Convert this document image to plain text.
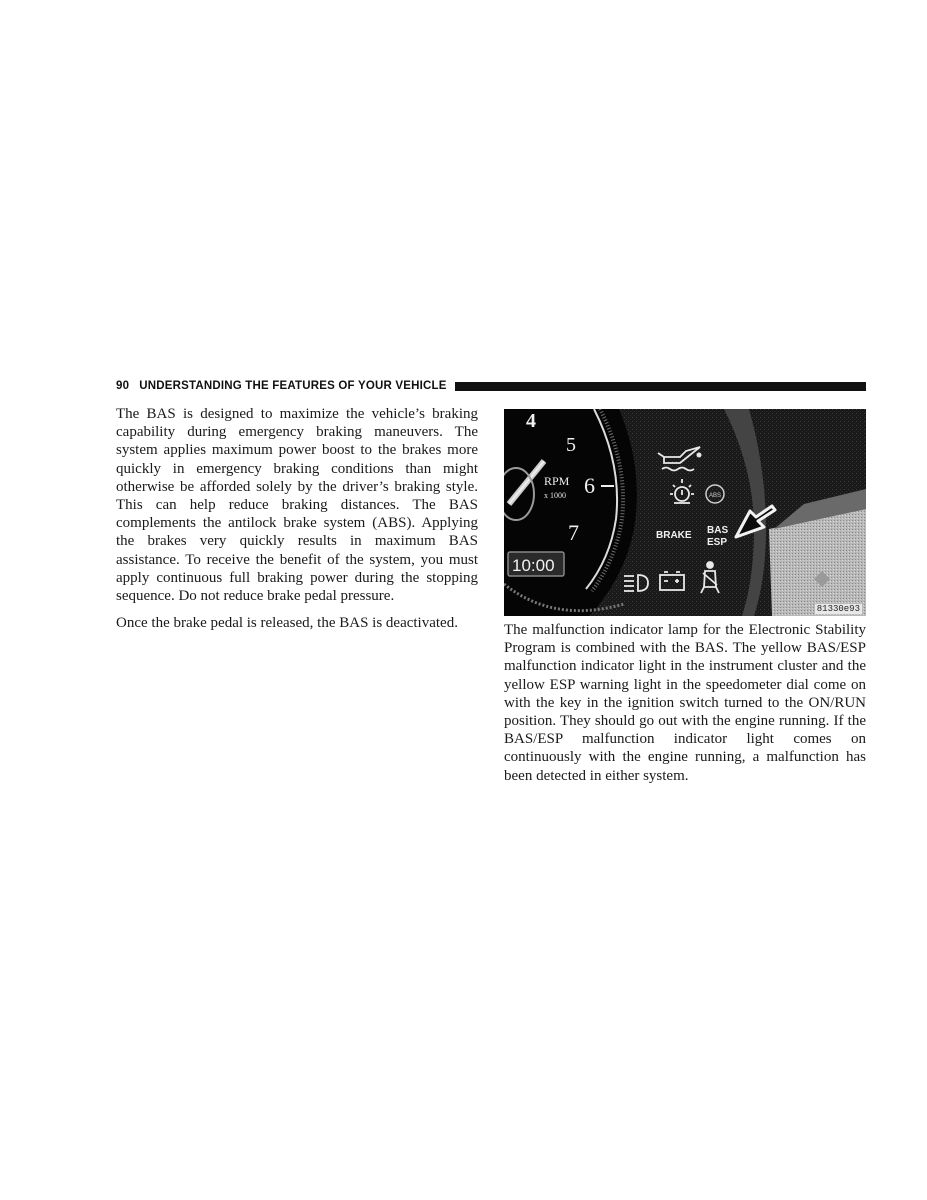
90 UNDERSTANDING THE FEATURES OF YOUR VEHICLE

The BAS is designed to maximize the vehicle’s braking capability during emergency braking maneuvers. The system applies maximum power boost to the brakes more quickly in emergency braking conditions than might otherwise be afforded solely by the driver’s braking style. This can help reduce braking distances. The BAS complements the antilock brake system (ABS). Applying the brakes very quickly results in maximum BAS assistance. To receive the benefit of the system, you must apply continuous full braking power during the stopping sequence. Do not reduce brake pedal pressure.

Once the brake pedal is released, the BAS is deactivated.

4
5
6
7
RPM
x 1000
10:00
ABS
BRAKE BAS
ESP
81330e93

The malfunction indicator lamp for the Electronic Stability Program is combined with the BAS. The yellow BAS/ESP malfunction indicator light in the instrument cluster and the yellow ESP warning light in the speedometer dial come on with the key in the ignition switch turned to the ON/RUN position. They should go out with the engine running. If the BAS/ESP malfunction indicator light comes on continuously with the engine running, a malfunction has been detected in either system.
